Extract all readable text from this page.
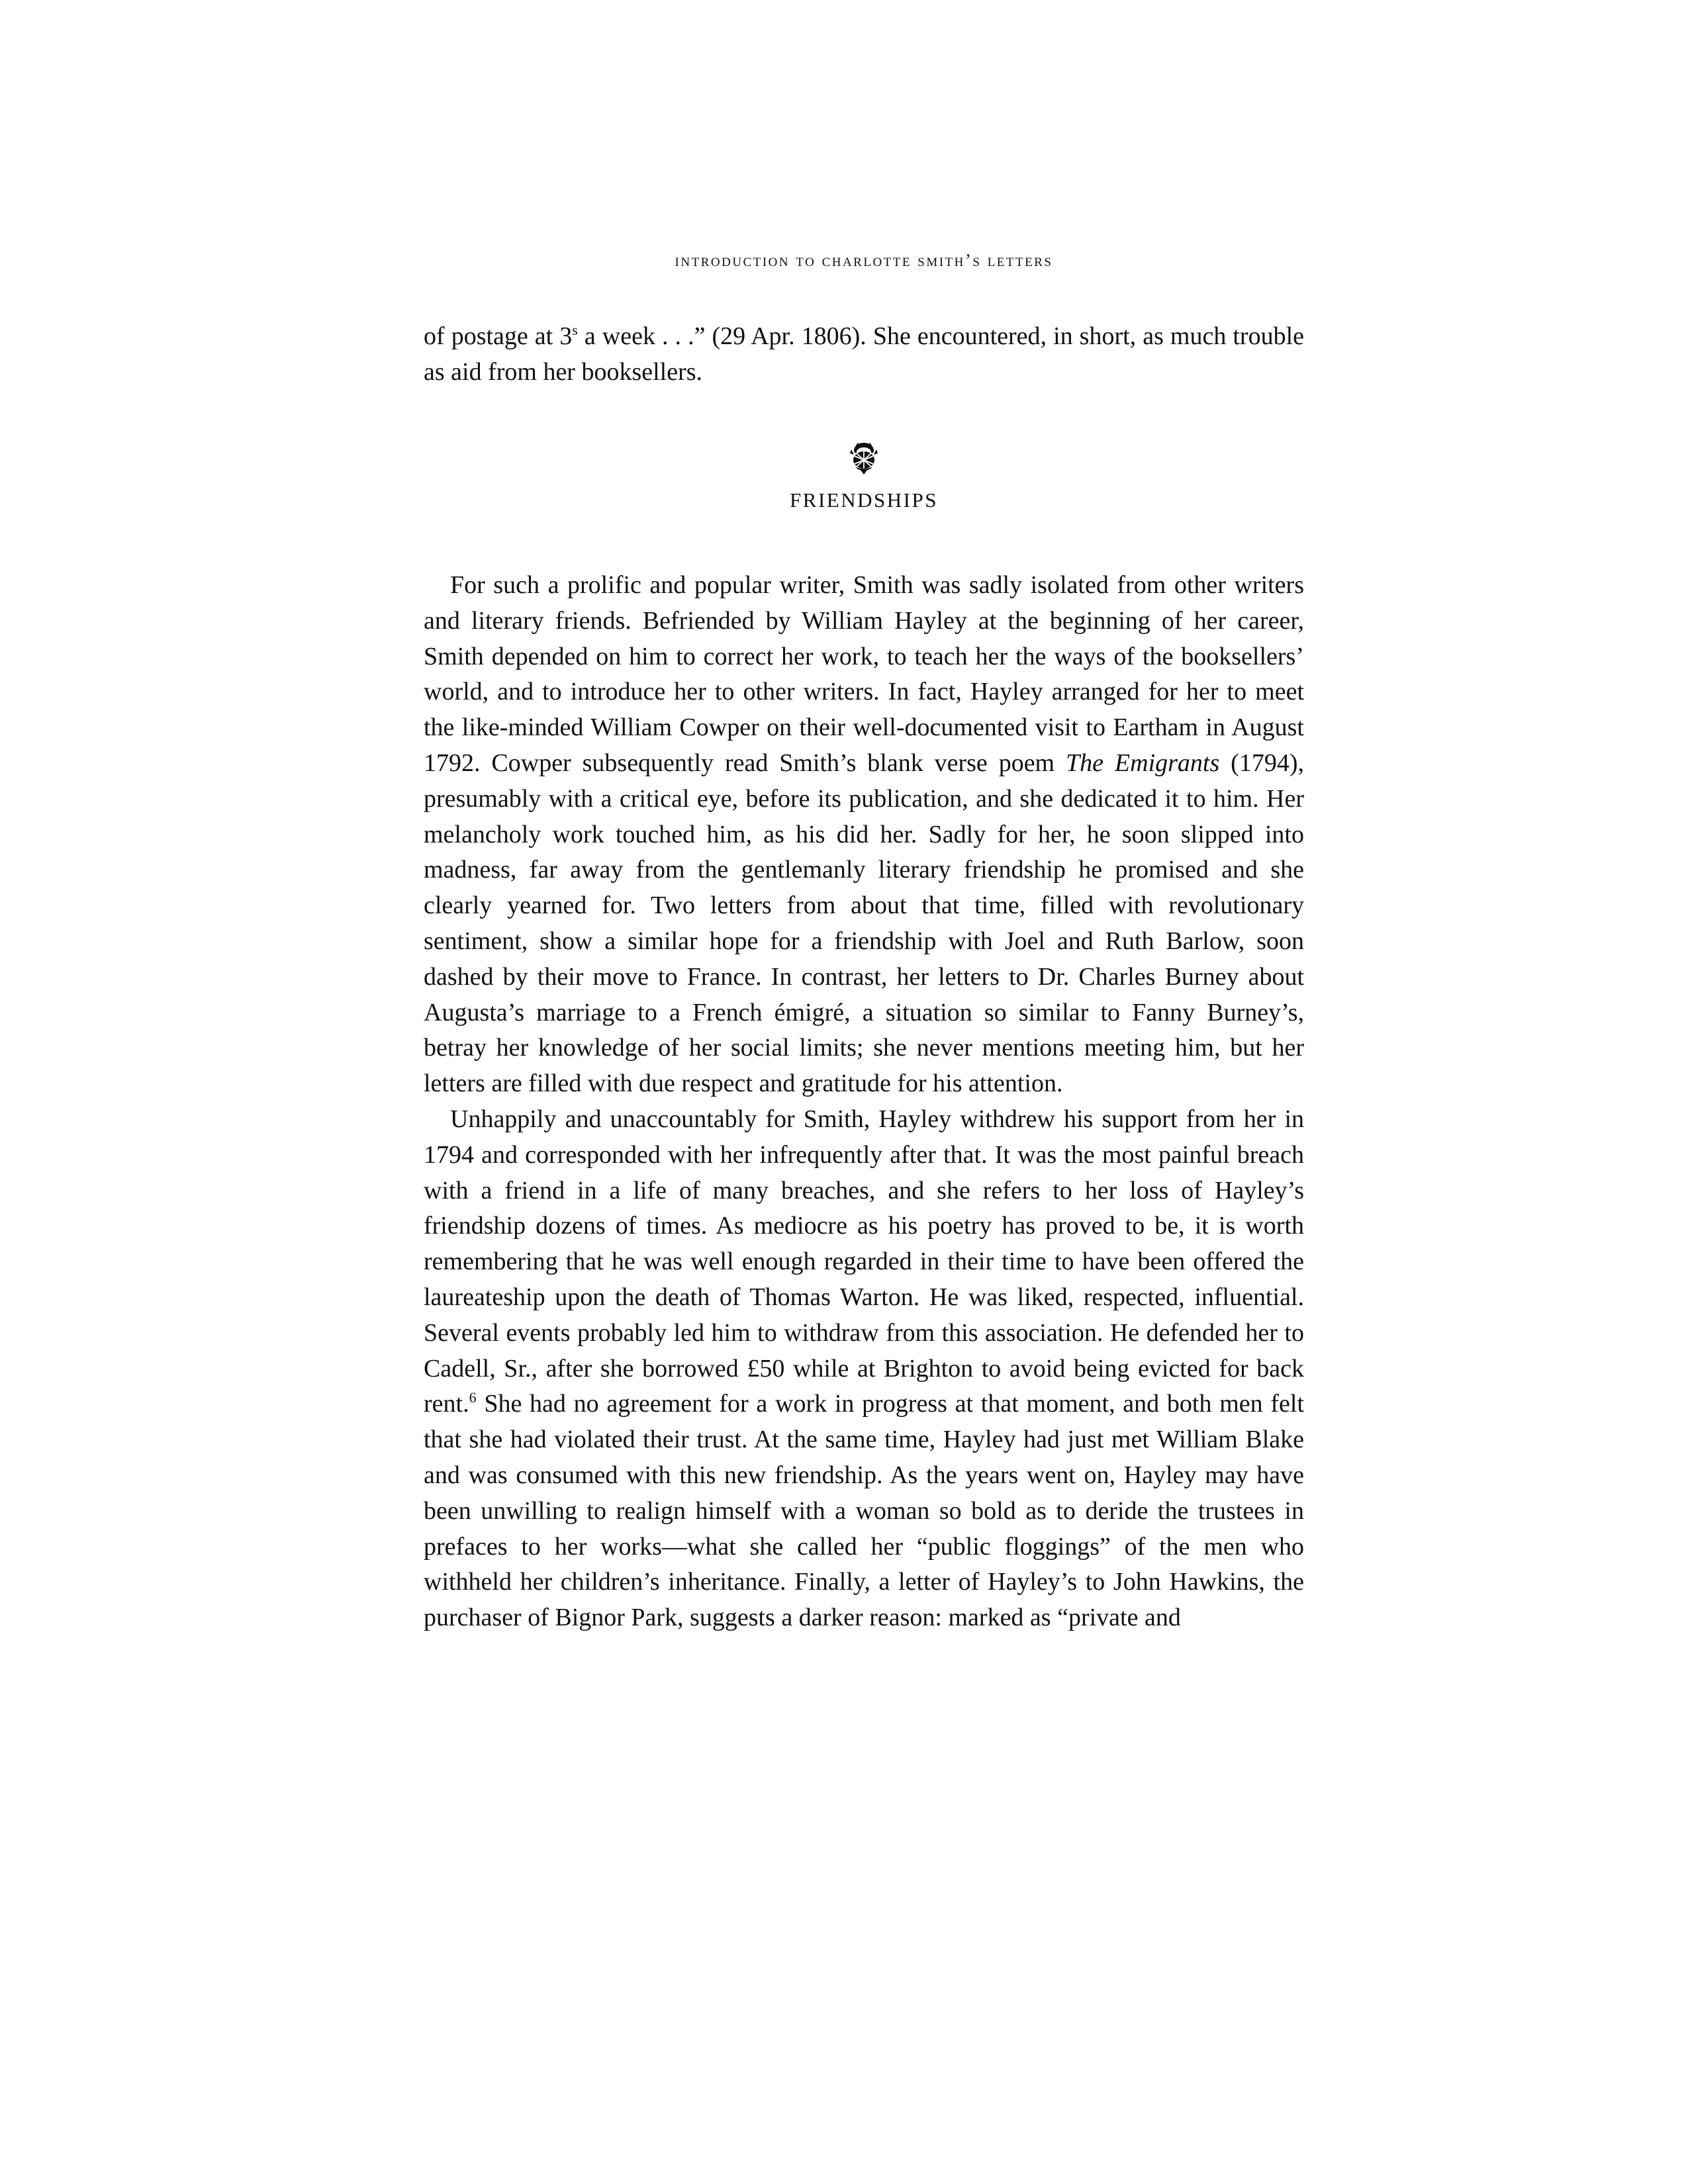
introduction to charlotte smith’s letters

of postage at 3$^s$ a week . . .” (29 Apr. 1806). She encountered, in short, as much trouble as aid from her booksellers.

FRIENDSHIPS

For such a prolific and popular writer, Smith was sadly isolated from other writers and literary friends. Befriended by William Hayley at the beginning of her career, Smith depended on him to correct her work, to teach her the ways of the booksellers’ world, and to introduce her to other writers. In fact, Hayley arranged for her to meet the like-minded William Cowper on their well-documented visit to Eartham in August 1792. Cowper subsequently read Smith’s blank verse poem The Emigrants (1794), presumably with a critical eye, before its publication, and she dedicated it to him. Her melancholy work touched him, as his did her. Sadly for her, he soon slipped into madness, far away from the gentlemanly literary friendship he promised and she clearly yearned for. Two letters from about that time, filled with revolutionary sentiment, show a similar hope for a friendship with Joel and Ruth Barlow, soon dashed by their move to France. In contrast, her letters to Dr. Charles Burney about Augusta’s marriage to a French émigré, a situation so similar to Fanny Burney’s, betray her knowledge of her social limits; she never mentions meeting him, but her letters are filled with due respect and gratitude for his attention.

Unhappily and unaccountably for Smith, Hayley withdrew his support from her in 1794 and corresponded with her infrequently after that. It was the most painful breach with a friend in a life of many breaches, and she refers to her loss of Hayley’s friendship dozens of times. As mediocre as his poetry has proved to be, it is worth remembering that he was well enough regarded in their time to have been offered the laureateship upon the death of Thomas Warton. He was liked, respected, influential. Several events probably led him to withdraw from this association. He defended her to Cadell, Sr., after she borrowed £50 while at Brighton to avoid being evicted for back rent.$^6$ She had no agreement for a work in progress at that moment, and both men felt that she had violated their trust. At the same time, Hayley had just met William Blake and was consumed with this new friendship. As the years went on, Hayley may have been unwilling to realign himself with a woman so bold as to deride the trustees in prefaces to her works—what she called her “public floggings” of the men who withheld her children’s inheritance. Finally, a letter of Hayley’s to John Hawkins, the purchaser of Bignor Park, suggests a darker reason: marked as “private and
